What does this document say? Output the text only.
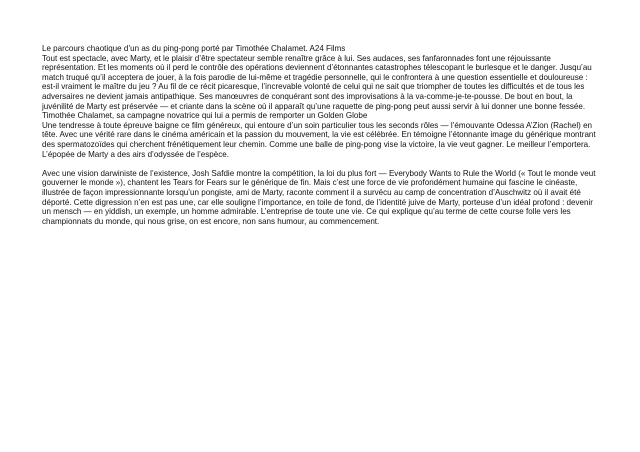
Le parcours chaotique d’un as du ping-pong porté par Timothée Chalamet. A24 Films

Tout est spectacle, avec Marty, et le plaisir d’être spectateur semble renaître grâce à lui. Ses audaces, ses fanfaronnades font une réjouissante représentation. Et les moments où il perd le contrôle des opérations deviennent d’étonnantes catastrophes télescopant le burlesque et le danger. Jusqu’au match truqué qu’il acceptera de jouer, à la fois parodie de lui-même et tragédie personnelle, qui le confrontera à une question essentielle et douloureuse : est-il vraiment le maître du jeu ? Au fil de ce récit picaresque, l’increvable volonté de celui qui ne sait que triompher de toutes les difficultés et de tous les adversaires ne devient jamais antipathique. Ses manœuvres de conquérant sont des improvisations à la va-comme-je-te-pousse. De bout en bout, la juvénilité de Marty est préservée — et criante dans la scène où il apparaît qu’une raquette de ping-pong peut aussi servir à lui donner une bonne fessée.

Timothée Chalamet, sa campagne novatrice qui lui a permis de remporter un Golden Globe

Une tendresse à toute épreuve baigne ce film généreux, qui entoure d’un soin particulier tous les seconds rôles — l’émouvante Odessa A’Zion (Rachel) en tête. Avec une vérité rare dans le cinéma américain et la passion du mouvement, la vie est célébrée. En témoigne l’étonnante image du générique montrant des spermatozoïdes qui cherchent frénétiquement leur chemin. Comme une balle de ping-pong vise la victoire, la vie veut gagner. Le meilleur l’emportera. L’épopée de Marty a des airs d’odyssée de l’espèce.

Avec une vision darwiniste de l’existence, Josh Safdie montre la compétition, la loi du plus fort — Everybody Wants to Rule the World (« Tout le monde veut gouverner le monde »), chantent les Tears for Fears sur le générique de fin. Mais c’est une force de vie profondément humaine qui fascine le cinéaste, illustrée de façon impressionnante lorsqu’un pongiste, ami de Marty, raconte comment il a survécu au camp de concentration d’Auschwitz où il avait été déporté. Cette digression n’en est pas une, car elle souligne l’importance, en toile de fond, de l’identité juive de Marty, porteuse d’un idéal profond : devenir un mensch — en yiddish, un exemple, un homme admirable. L’entreprise de toute une vie. Ce qui explique qu’au terme de cette course folle vers les championnats du monde, qui nous grise, on est encore, non sans humour, au commencement.
